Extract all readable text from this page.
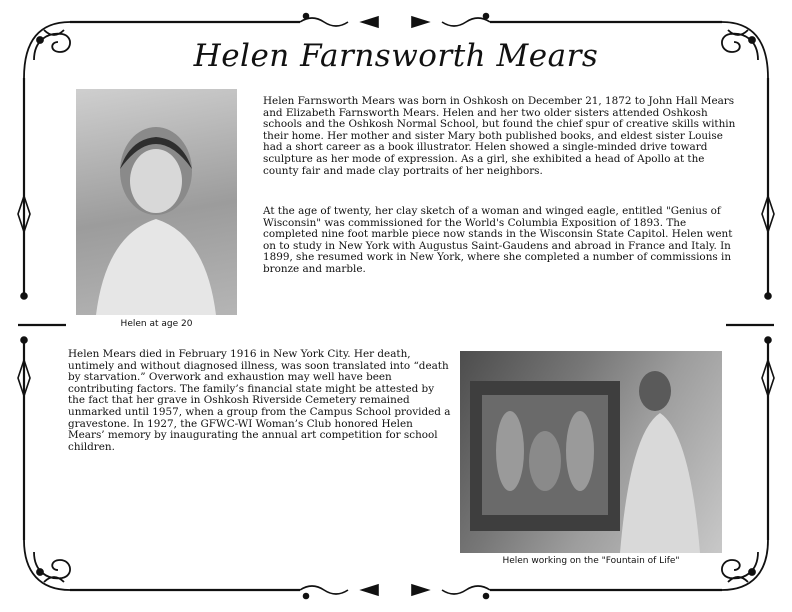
Helen Farnsworth Mears
Helen at age 20

Helen Farnsworth Mears was born in Oshkosh on December 21, 1872 to John Hall Mears and Elizabeth Farnsworth Mears. Helen and her two older sisters attended Oshkosh schools and the Oshkosh Normal School, but found the chief spur of creative skills within their home. Her mother and sister Mary both published books, and eldest sister Louise had a short career as a book illustrator. Helen showed a single-minded drive toward sculpture as her mode of expression. As a girl, she exhibited a head of Apollo at the county fair and made clay portraits of her neighbors.

At the age of twenty, her clay sketch of a woman and winged eagle, entitled "Genius of Wisconsin" was commissioned for the World's Columbia Exposition of 1893. The completed nine foot marble piece now stands in the Wisconsin State Capitol. Helen went on to study in New York with Augustus Saint-Gaudens and abroad in France and Italy. In 1899, she resumed work in New York, where she completed a number of commissions in bronze and marble.

Helen Mears died in February 1916 in New York City. Her death, untimely and without diagnosed illness, was soon translated into “death by starvation.” Overwork and exhaustion may well have been contributing factors. The family’s financial state might be attested by the fact that her grave in Oshkosh Riverside Cemetery remained unmarked until 1957, when a group from the Campus School provided a gravestone. In 1927, the GFWC-WI Woman’s Club honored Helen Mears’ memory by inaugurating the annual art competition for school children.

Helen working on the "Fountain of Life"
